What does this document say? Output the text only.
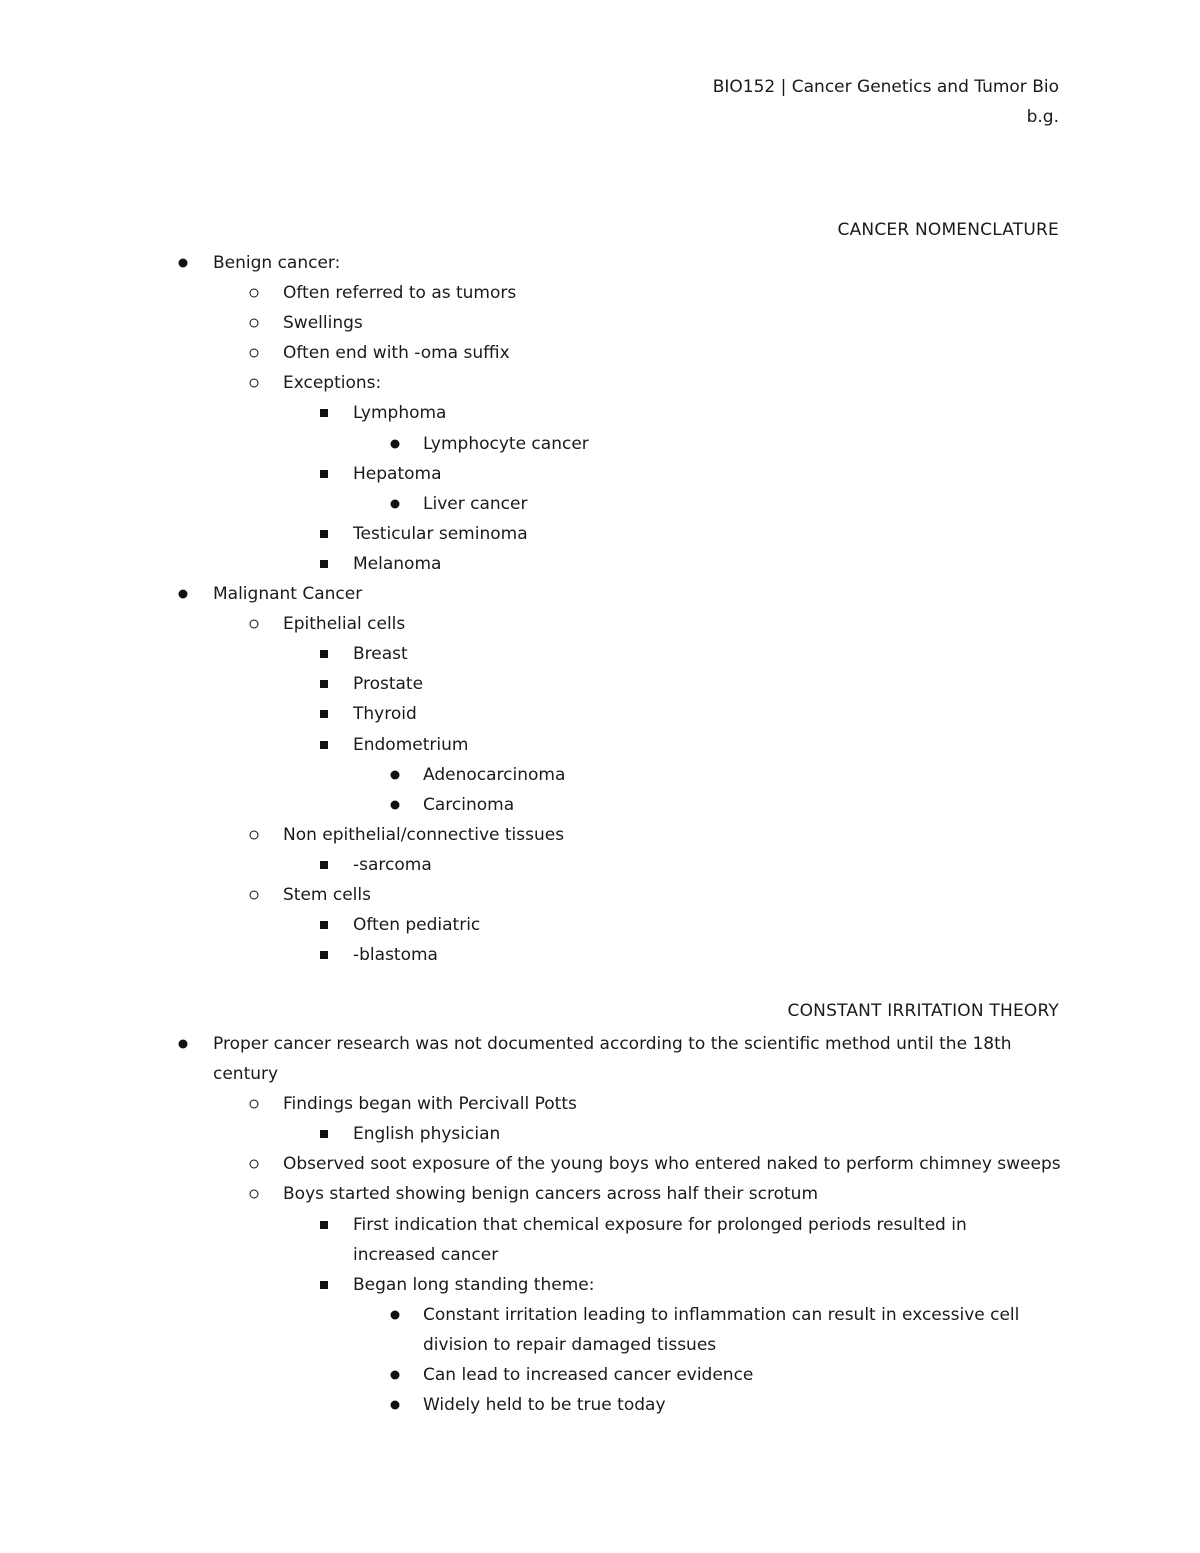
BIO152 | Cancer Genetics and Tumor Bio
b.g.
CANCER NOMENCLATURE
Benign cancer:
Often referred to as tumors
Swellings
Often end with -oma suffix
Exceptions:
Lymphoma
Lymphocyte cancer
Hepatoma
Liver cancer
Testicular seminoma
Melanoma
Malignant Cancer
Epithelial cells
Breast
Prostate
Thyroid
Endometrium
Adenocarcinoma
Carcinoma
Non epithelial/connective tissues
-sarcoma
Stem cells
Often pediatric
-blastoma
CONSTANT IRRITATION THEORY
Proper cancer research was not documented according to the scientific method until the 18th century
Findings began with Percivall Potts
English physician
Observed soot exposure of the young boys who entered naked to perform chimney sweeps
Boys started showing benign cancers across half their scrotum
First indication that chemical exposure for prolonged periods resulted in increased cancer
Began long standing theme:
Constant irritation leading to inflammation can result in excessive cell division to repair damaged tissues
Can lead to increased cancer evidence
Widely held to be true today
